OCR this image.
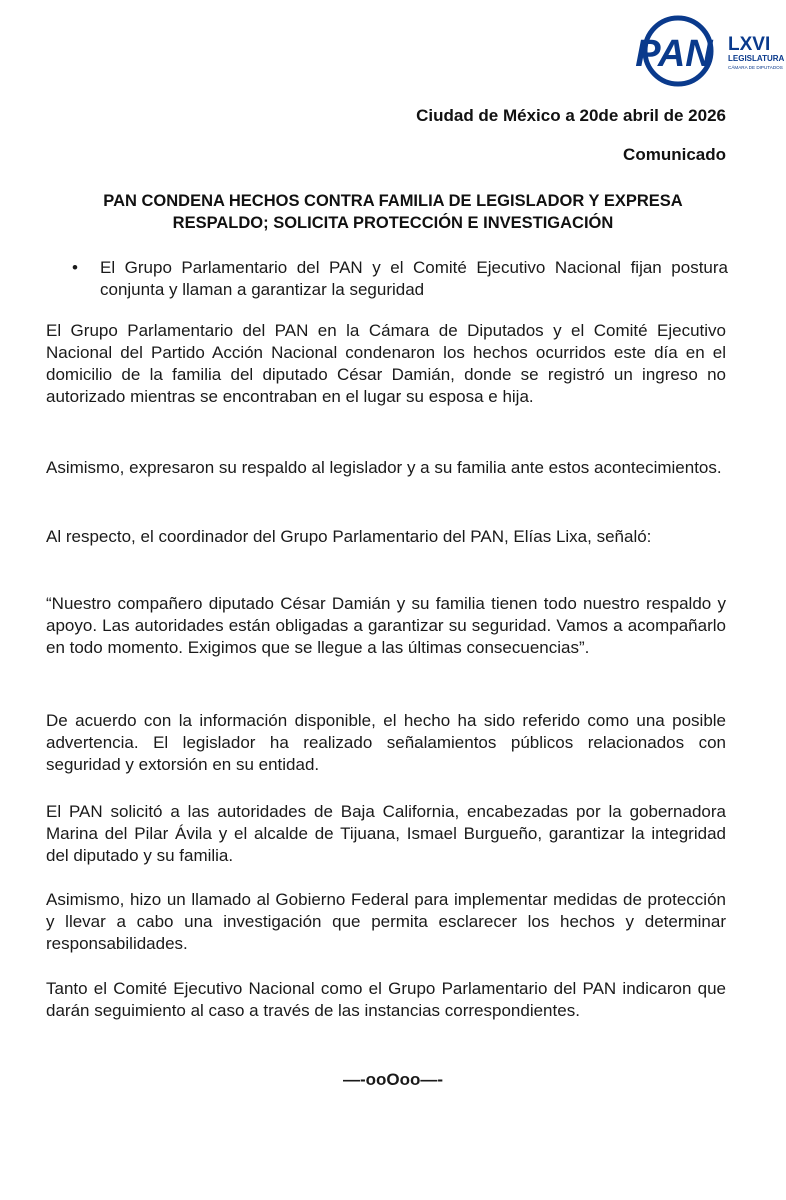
PAN LXVI
LEGISLATURA
CÁMARA DE DIPUTADOS
Ciudad de México a 20de abril de 2026
Comunicado
PAN CONDENA HECHOS CONTRA FAMILIA DE LEGISLADOR Y EXPRESA
RESPALDO; SOLICITA PROTECCIÓN E INVESTIGACIÓN
•	El Grupo Parlamentario del PAN y el Comité Ejecutivo Nacional fijan postura conjunta y llaman a garantizar la seguridad
El Grupo Parlamentario del PAN en la Cámara de Diputados y el Comité Ejecutivo Nacional del Partido Acción Nacional condenaron los hechos ocurridos este día en el domicilio de la familia del diputado César Damián, donde se registró un ingreso no autorizado mientras se encontraban en el lugar su esposa e hija.
Asimismo, expresaron su respaldo al legislador y a su familia ante estos acontecimientos.
Al respecto, el coordinador del Grupo Parlamentario del PAN, Elías Lixa, señaló:
“Nuestro compañero diputado César Damián y su familia tienen todo nuestro respaldo y apoyo. Las autoridades están obligadas a garantizar su seguridad. Vamos a acompañarlo en todo momento. Exigimos que se llegue a las últimas consecuencias”.
De acuerdo con la información disponible, el hecho ha sido referido como una posible advertencia. El legislador ha realizado señalamientos públicos relacionados con seguridad y extorsión en su entidad.
El PAN solicitó a las autoridades de Baja California, encabezadas por la gobernadora Marina del Pilar Ávila y el alcalde de Tijuana, Ismael Burgueño, garantizar la integridad del diputado y su familia.
Asimismo, hizo un llamado al Gobierno Federal para implementar medidas de protección y llevar a cabo una investigación que permita esclarecer los hechos y determinar responsabilidades.
Tanto el Comité Ejecutivo Nacional como el Grupo Parlamentario del PAN indicaron que darán seguimiento al caso a través de las instancias correspondientes.
—-ooOoo—-
